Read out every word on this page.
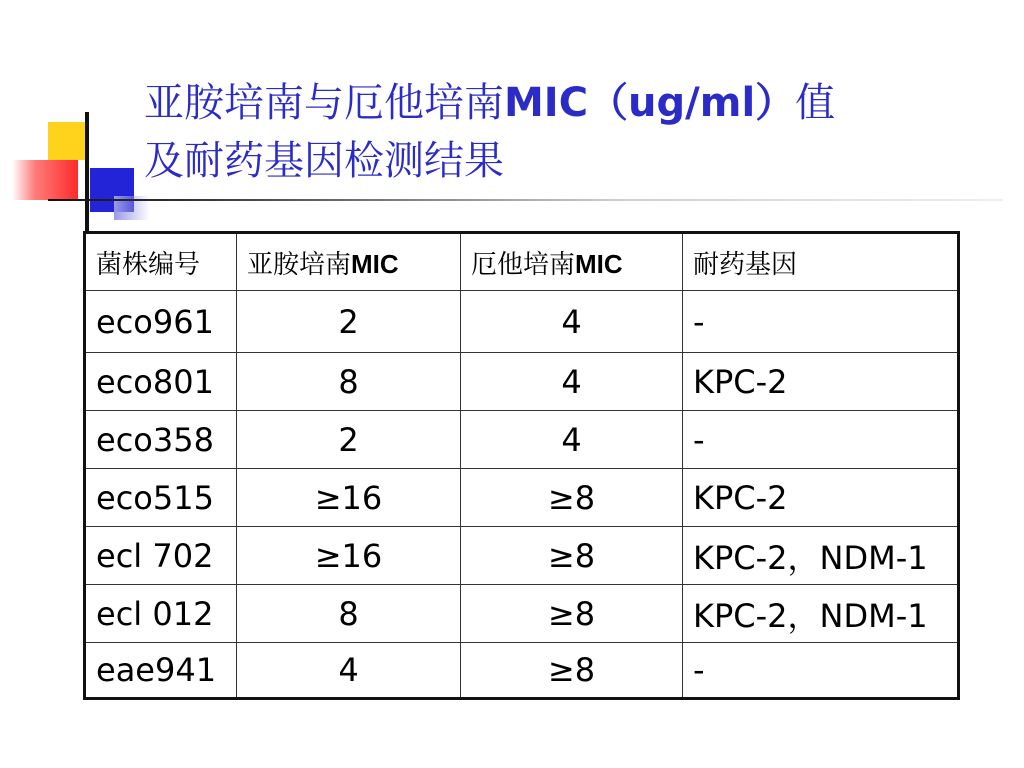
亚胺培南与厄他培南MIC（ug/ml）值
及耐药基因检测结果
菌株编号	亚胺培南MIC	厄他培南MIC	耐药基因
eco961	2	4	-
eco801	8	4	KPC-2
eco358	2	4	-
eco515	≥16	≥8	KPC-2
ecl 702	≥16	≥8	KPC-2，NDM-1
ecl 012	8	≥8	KPC-2，NDM-1
eae941	4	≥8	-
